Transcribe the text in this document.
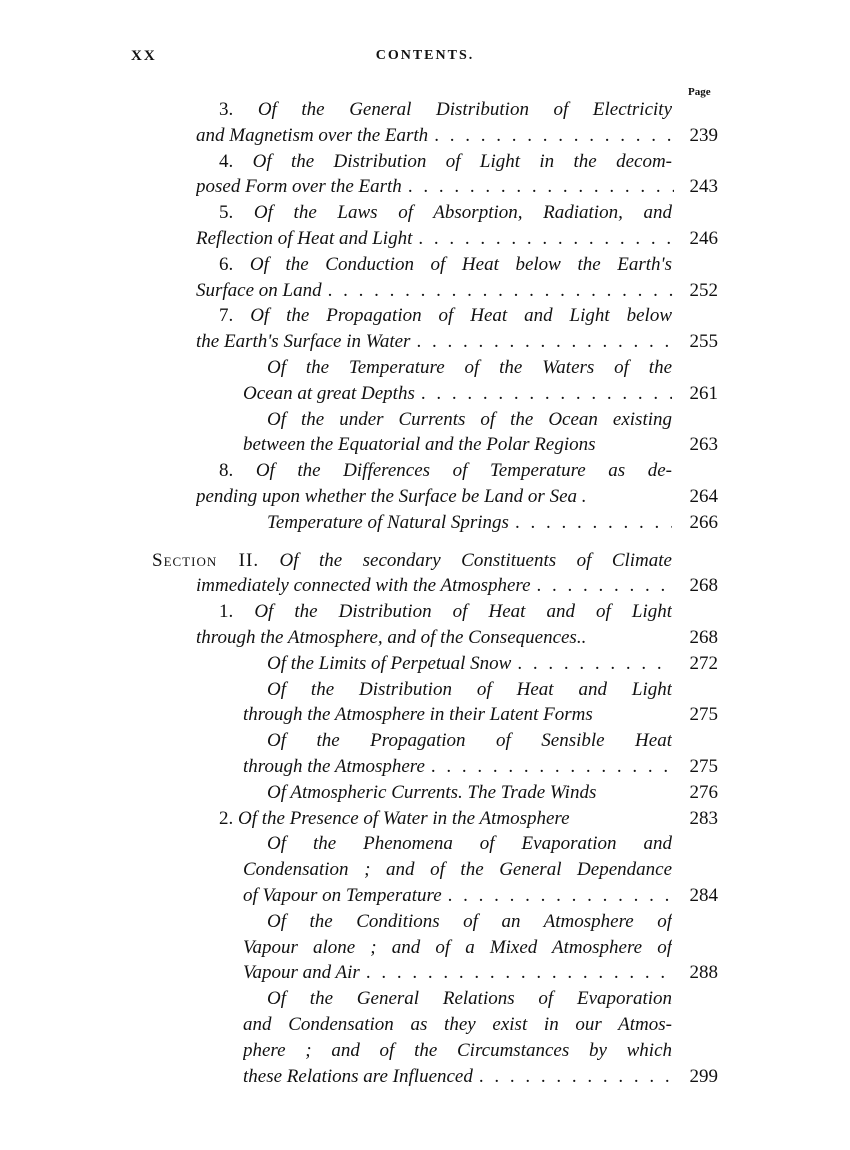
XX	CONTENTS.
Page
3. Of the General Distribution of Electricity
and Magnetism over the Earth . . .	239
4. Of the Distribution of Light in the decom-
posed Form over the Earth . . .	243
5. Of the Laws of Absorption, Radiation, and
Reflection of Heat and Light . . .	246
6. Of the Conduction of Heat below the Earth's
Surface on Land . . .	252
7. Of the Propagation of Heat and Light below
the Earth's Surface in Water . . .	255
Of the Temperature of the Waters of the
Ocean at great Depths . . .	261
Of the under Currents of the Ocean existing
between the Equatorial and the Polar Regions	263
8. Of the Differences of Temperature as de-
pending upon whether the Surface be Land or Sea .	264
Temperature of Natural Springs . . .	266
Section II. Of the secondary Constituents of Climate
immediately connected with the Atmosphere . . .	268
1. Of the Distribution of Heat and of Light
through the Atmosphere, and of the Consequences..	268
Of the Limits of Perpetual Snow . . .	272
Of the Distribution of Heat and Light
through the Atmosphere in their Latent Forms	275
Of the Propagation of Sensible Heat
through the Atmosphere . . .	275
Of Atmospheric Currents. The Trade Winds	276
2. Of the Presence of Water in the Atmosphere	283
Of the Phenomena of Evaporation and
Condensation ; and of the General Dependance
of Vapour on Temperature . . .	284
Of the Conditions of an Atmosphere of
Vapour alone ; and of a Mixed Atmosphere of
Vapour and Air . . .	288
Of the General Relations of Evaporation
and Condensation as they exist in our Atmos-
phere ; and of the Circumstances by which
these Relations are Influenced . . .	299
